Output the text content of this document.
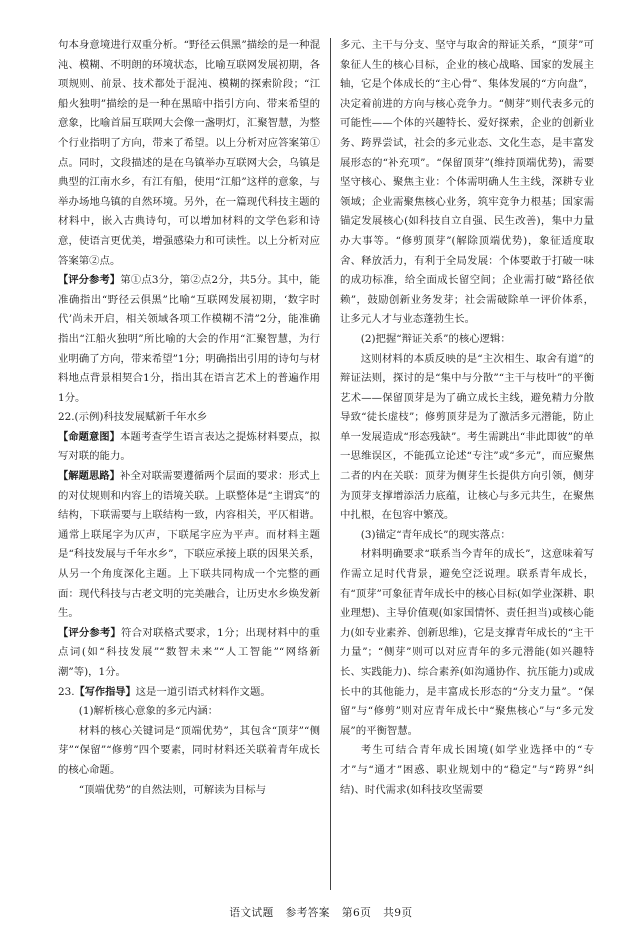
句本身意境进行双重分析。“野径云俱黑”描绘的是一种混沌、模糊、不明朗的环境状态，比喻互联网发展初期，各项规则、前景、技术都处于混沌、模糊的探索阶段；“江船火独明”描绘的是一种在黑暗中指引方向、带来希望的意象，比喻首届互联网大会像一盏明灯，汇聚智慧，为整个行业指明了方向，带来了希望。以上分析对应答案第①点。同时，文段描述的是在乌镇举办互联网大会，乌镇是典型的江南水乡，有江有船，使用“江船”这样的意象，与举办场地乌镇的自然环境。另外，在一篇现代科技主题的材料中，嵌入古典诗句，可以增加材料的文学色彩和诗意，使语言更优美，增强感染力和可读性。以上分析对应答案第②点。

【评分参考】第①点3分，第②点2分，共5分。其中，能准确指出“野径云俱黑”比喻“互联网发展初期，‘数字时代’尚未开启，相关领域各项工作模糊不清”2分，能准确指出“江船火独明”所比喻的大会的作用“汇聚智慧，为行业明确了方向，带来希望”1分；明确指出引用的诗句与材料地点背景相契合1分，指出其在语言艺术上的普遍作用1分。

22.(示例)科技发展赋新千年水乡

【命题意图】本题考查学生语言表达之提炼材料要点，拟写对联的能力。

【解题思路】补全对联需要遵循两个层面的要求：形式上的对仗规则和内容上的语境关联。上联整体是“主谓宾”的结构，下联需要与上联结构一致，内容相关，平仄相谐。通常上联尾字为仄声，下联尾字应为平声。而材料主题是“科技发展与千年水乡”，下联应承接上联的因果关系，从另一个角度深化主题。上下联共同构成一个完整的画面：现代科技与古老文明的完美融合，让历史水乡焕发新生。

【评分参考】符合对联格式要求，1分；出现材料中的重点词(如“科技发展”“数智未来”“人工智能”“网络新潮”等)，1分。

23.【写作指导】这是一道引语式材料作文题。

(1)解析核心意象的多元内涵：

材料的核心关键词是“顶端优势”，其包含“顶芽”“侧芽”“保留”“修剪”四个要素，同时材料还关联着青年成长的核心命题。

“顶端优势”的自然法则，可解读为目标与

多元、主干与分支、坚守与取舍的辩证关系，“顶芽”可象征人生的核心目标，企业的核心战略、国家的发展主轴，它是个体成长的“主心骨”、集体发展的“方向盘”，决定着前进的方向与核心竞争力。“侧芽”则代表多元的可能性——个体的兴趣特长、爱好探索，企业的创新业务、跨界尝试，社会的多元业态、文化生态，是丰富发展形态的“补充项”。“保留顶芽”(维持顶端优势)，需要坚守核心、聚焦主业：个体需明确人生主线，深耕专业领域；企业需聚焦核心业务，筑牢竞争力根基；国家需锚定发展核心(如科技自立自强、民生改善)，集中力量办大事等。“修剪顶芽”(解除顶端优势)，象征适度取舍、释放活力，有利于全局发展：个体要敢于打破一味的成功标准，给全面成长留空间；企业需打破“路径依赖”，鼓励创新业务发芽；社会需破除单一评价体系，让多元人才与业态蓬勃生长。

(2)把握“辩证关系”的核心逻辑：

这则材料的本质反映的是“主次相生、取舍有道”的辩证法则，探讨的是“集中与分散”“主干与枝叶”的平衡艺术——保留顶芽是为了确立成长主线，避免精力分散导致“徒长虚枝”；修剪顶芽是为了激活多元潜能，防止单一发展造成“形态残缺”。考生需跳出“非此即彼”的单一思维误区，不能孤立论述“专注”或“多元”，而应聚焦二者的内在关联：顶芽为侧芽生长提供方向引领，侧芽为顶芽支撑增添活力底蕴，让核心与多元共生，在聚焦中扎根，在包容中繁茂。

(3)锚定“青年成长”的现实落点：

材料明确要求“联系当今青年的成长”，这意味着写作需立足时代背景，避免空泛说理。联系青年成长，有“顶芽”可象征青年成长中的核心目标(如学业深耕、职业理想)、主导价值观(如家国情怀、责任担当)或核心能力(如专业素养、创新思维)，它是支撑青年成长的“主干力量”；“侧芽”则可以对应青年的多元潜能(如兴趣特长、实践能力)、综合素养(如沟通协作、抗压能力)或成长中的其他能力，是丰富成长形态的“分支力量”。“保留”与“修剪”则对应青年成长中“聚焦核心”与“多元发展”的平衡智慧。

考生可结合青年成长困境(如学业选择中的“专才”与“通才”困惑、职业规划中的“稳定”与“跨界”纠结)、时代需求(如科技攻坚需要

语文试题 参考答案 第6页 共9页
